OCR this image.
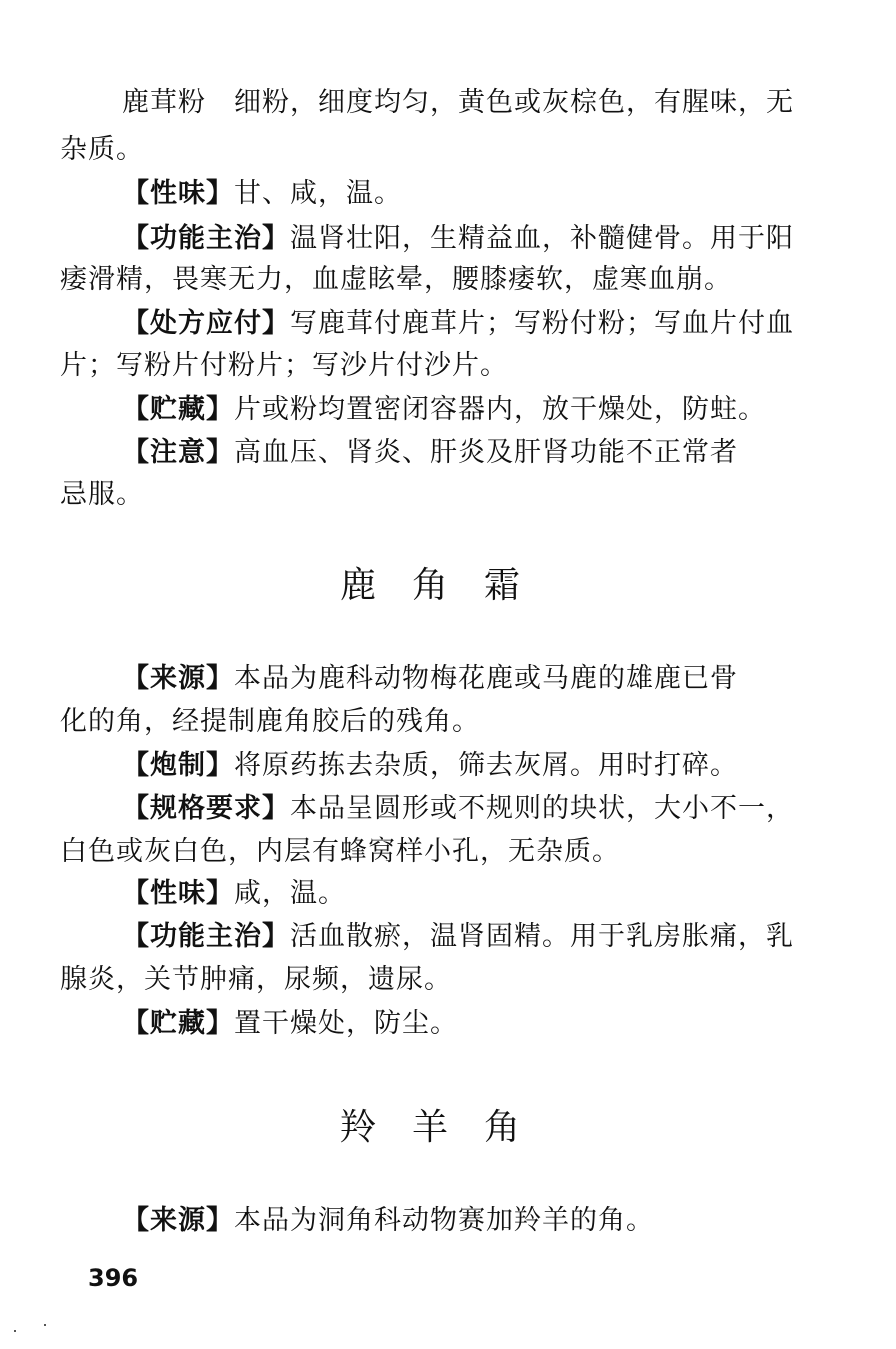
鹿茸粉　 细粉，细度均匀，黄色或灰棕色，有腥味，无
杂质。
【性 味】 甘、咸，温。
【功能主治】温肾壮阳，生精益血，补髓健骨。用于阳
痿滑精，畏寒无力，血虚眩晕，腰膝痿软，虚寒血崩。
【处方应付】写鹿茸付鹿茸片；写粉付粉；写血片付血
片；写粉片付粉片；写沙片付沙片。
【贮 藏】 片或粉均置密闭容器内，放干燥处，防蛀。
【注 意】 高血压、肾炎、肝炎及肝肾功能不正常者
忌服。
鹿角霜
【来 源】 本品为鹿科动物梅花鹿或马鹿的雄鹿已骨
化的角，经提制鹿角胶后的残角。
【炮 制】 将原药拣去杂质，筛去灰屑。用时打碎。
【规格要求】本品呈圆形或不规则的块状，大小不一，
白色或灰白色，内层有蜂窝样小孔，无杂质。
【性 味】 咸，温。
【功能主治】活血散瘀，温肾固精。用于乳房胀痛，乳
腺炎，关节肿痛，尿频，遗尿。
【贮 藏】 置干燥处，防尘。
羚羊角
【来 源】 本品为洞角科动物赛加羚羊的角。
396
